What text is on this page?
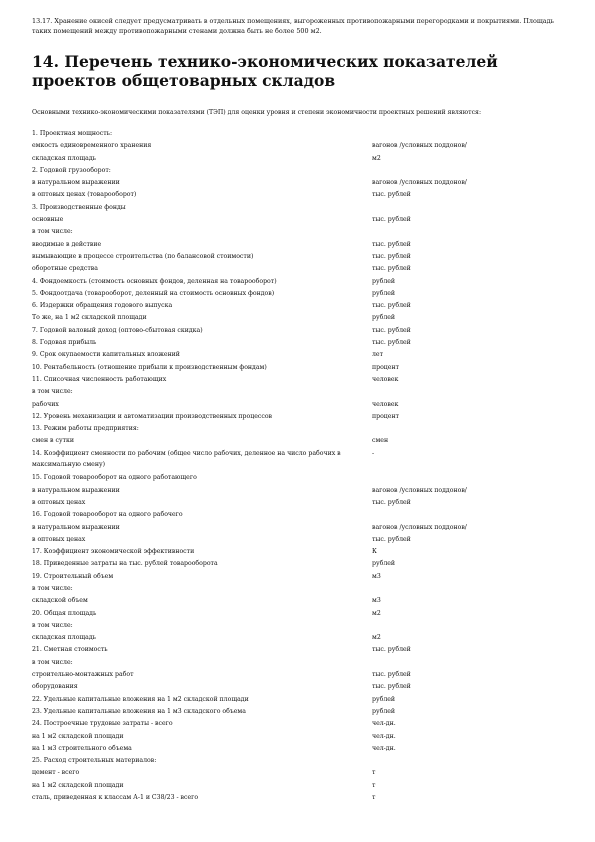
13.17. Хранение окисей следует предусматривать в отдельных помещениях, выгороженных противопожарными перегородками и покрытиями. Площадь таких помещений между противопожарными стенами должна быть не более 500 м2.
14. Перечень технико-экономических показателей проектов общетоварных складов
Основными технико-экономическими показателями (ТЭП) для оценки уровня и степени экономичности проектных решений являются:
1. Проектная мощность:
емкость единовременного хранения	вагонов /условных поддонов/
складская площадь	м2
2. Годовой грузооборот:
в натуральном выражении	вагонов /условных поддонов/
в оптовых ценах (товарооборот)	тыс. рублей
3. Производственные фонды
основные	тыс. рублей
в том числе:
вводимые в действие	тыс. рублей
вымывающие в процессе строительства (по балансовой стоимости)	тыс. рублей
оборотные средства	тыс. рублей
4. Фондоемкость (стоимость основных фондов, деленная на товарооборот)	рублей
5. Фондоотдача (товарооборот, деленный на стоимость основных фондов)	рублей
6. Издержки обращения годового выпуска	тыс. рублей
То же, на 1 м2 складской площади	рублей
7. Годовой валовый доход (оптово-сбытовая скидка)	тыс. рублей
8. Годовая прибыль	тыс. рублей
9. Срок окупаемости капитальных вложений	лет
10. Рентабельность (отношение прибыли к производственным фондам)	процент
11. Списочная численность работающих	человек
в том числе:
рабочих	человек
12. Уровень механизации и автоматизации производственных процессов	процент
13. Режим работы предприятия:
смен в сутки	смен
14. Коэффициент сменности по рабочим (общее число рабочих, деленное на число рабочих в максимальную смену)
-
15. Годовой товарооборот на одного работающего
в натуральном выражении	вагонов /условных поддонов/
в оптовых ценах	тыс. рублей
16. Годовой товарооборот на одного рабочего
в натуральном выражении	вагонов /условных поддонов/
в оптовых ценах	тыс. рублей
17. Коэффициент экономической эффективности	К
18. Приведенные затраты на тыс. рублей товарооборота	рублей
19. Строительный объем	м3
в том числе:
складской объем	м3
20. Общая площадь	м2
в том числе:
складская площадь	м2
21. Сметная стоимость	тыс. рублей
в том числе:
строительно-монтажных работ	тыс. рублей
оборудования	тыс. рублей
22. Удельные капитальные вложения на 1 м2 складской площади	рублей
23. Удельные капитальные вложения на 1 м3 складского объема	рублей
24. Построечные трудовые затраты - всего	чел-дн.
на 1 м2 складской площади	чел-дн.
на 1 м3 строительного объема	чел-дн.
25. Расход строительных материалов:
цемент - всего	т
на 1 м2 складской площади	т
сталь, приведенная к классам А-1 и С38/23 - всего	т
